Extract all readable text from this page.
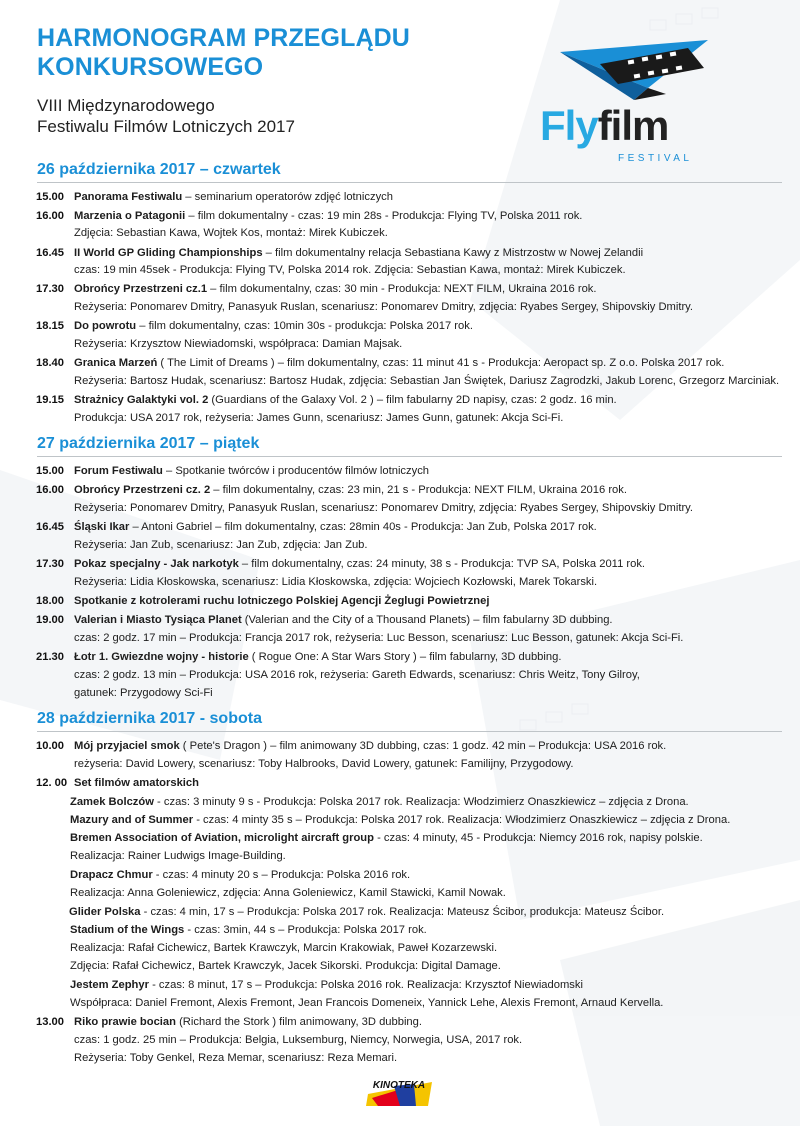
HARMONOGRAM PRZEGLĄDU
KONKURSOWEGO
VIII Międzynarodowego
Festiwalu Filmów Lotniczych 2017	Flyfilm
FESTIVAL
26 października 2017 – czwartek
15.00 Panorama Festiwalu – seminarium operatorów zdjęć lotniczych
16.00 Marzenia o Patagonii – film dokumentalny - czas: 19 min 28s - Produkcja: Flying TV, Polska 2011 rok.
Zdjęcia: Sebastian Kawa, Wojtek Kos, montaż: Mirek Kubiczek.
16.45 II World GP Gliding Championships – film dokumentalny relacja Sebastiana Kawy z Mistrzostw w Nowej Zelandii
czas: 19 min 45sek - Produkcja: Flying TV, Polska 2014 rok. Zdjęcia: Sebastian Kawa, montaż: Mirek Kubiczek.
17.30 Obrońcy Przestrzeni cz.1 – film dokumentalny, czas: 30 min - Produkcja: NEXT FILM, Ukraina 2016 rok.
Reżyseria: Ponomarev Dmitry, Panasyuk Ruslan, scenariusz: Ponomarev Dmitry, zdjęcia: Ryabes Sergey, Shipovskiy Dmitry.
18.15 Do powrotu – film dokumentalny, czas: 10min 30s - produkcja: Polska 2017 rok.
Reżyseria: Krzysztow Niewiadomski, współpraca: Damian Majsak.
18.40 Granica Marzeń ( The Limit of Dreams ) – film dokumentalny, czas: 11 minut 41 s - Produkcja: Aeropact sp. Z o.o. Polska 2017 rok.
Reżyseria: Bartosz Hudak, scenariusz: Bartosz Hudak, zdjęcia: Sebastian Jan Świętek, Dariusz Zagrodzki, Jakub Lorenc, Grzegorz Marciniak.
19.15 Strażnicy Galaktyki vol. 2 (Guardians of the Galaxy Vol. 2 ) – film fabularny 2D napisy, czas: 2 godz. 16 min.
Produkcja: USA 2017 rok, reżyseria: James Gunn, scenariusz: James Gunn, gatunek: Akcja Sci-Fi.
27 października 2017 – piątek
15.00 Forum Festiwalu – Spotkanie twórców i producentów filmów lotniczych
16.00 Obrońcy Przestrzeni cz. 2 – film dokumentalny, czas: 23 min, 21 s - Produkcja: NEXT FILM, Ukraina 2016 rok.
Reżyseria: Ponomarev Dmitry, Panasyuk Ruslan, scenariusz: Ponomarev Dmitry, zdjęcia: Ryabes Sergey, Shipovskiy Dmitry.
16.45 Śląski Ikar – Antoni Gabriel – film dokumentalny, czas: 28min 40s - Produkcja: Jan Zub, Polska 2017 rok.
Reżyseria: Jan Zub, scenariusz: Jan Zub, zdjęcia: Jan Zub.
17.30 Pokaz specjalny - Jak narkotyk – film dokumentalny, czas: 24 minuty, 38 s - Produkcja: TVP SA, Polska 2011 rok.
Reżyseria: Lidia Kłoskowska, scenariusz: Lidia Kłoskowska, zdjęcia: Wojciech Kozłowski, Marek Tokarski.
18.00 Spotkanie z kotrolerami ruchu lotniczego Polskiej Agencji Żeglugi Powietrznej
19.00 Valerian i Miasto Tysiąca Planet (Valerian and the City of a Thousand Planets) – film fabularny 3D dubbing.
czas: 2 godz. 17 min – Produkcja: Francja 2017 rok, reżyseria: Luc Besson, scenariusz: Luc Besson, gatunek: Akcja Sci-Fi.
21.30 Łotr 1. Gwiezdne wojny - historie ( Rogue One: A Star Wars Story ) – film fabularny, 3D dubbing.
czas: 2 godz. 13 min – Produkcja: USA 2016 rok, reżyseria: Gareth Edwards, scenariusz: Chris Weitz, Tony Gilroy,
gatunek: Przygodowy Sci-Fi
28 października 2017 - sobota
10.00 Mój przyjaciel smok ( Pete's Dragon ) – film animowany 3D dubbing, czas: 1 godz. 42 min – Produkcja: USA 2016 rok.
reżyseria: David Lowery, scenariusz: Toby Halbrooks, David Lowery, gatunek: Familijny, Przygodowy.
12. 00 Set filmów amatorskich
Zamek Bolczów - czas: 3 minuty 9 s - Produkcja: Polska 2017 rok. Realizacja: Włodzimierz Onaszkiewicz – zdjęcia z Drona.
Mazury and of Summer - czas: 4 minty 35 s – Produkcja: Polska 2017 rok. Realizacja: Włodzimierz Onaszkiewicz – zdjęcia z Drona.
Bremen Association of Aviation, microlight aircraft group - czas: 4 minuty, 45 - Produkcja: Niemcy 2016 rok, napisy polskie.
Realizacja: Rainer Ludwigs Image-Building.
Drapacz Chmur - czas: 4 minuty 20 s – Produkcja: Polska 2016 rok.
Realizacja: Anna Goleniewicz, zdjęcia: Anna Goleniewicz, Kamil Stawicki, Kamil Nowak.
Glider Polska - czas: 4 min, 17 s – Produkcja: Polska 2017 rok. Realizacja: Mateusz Ścibor, produkcja: Mateusz Ścibor.
Stadium of the Wings - czas: 3min, 44 s – Produkcja: Polska 2017 rok.
Realizacja: Rafał Cichewicz, Bartek Krawczyk, Marcin Krakowiak, Paweł Kozarzewski.
Zdjęcia: Rafał Cichewicz, Bartek Krawczyk, Jacek Sikorski. Produkcja: Digital Damage.
Jestem Zephyr - czas: 8 minut, 17 s – Produkcja: Polska 2016 rok. Realizacja: Krzysztof Niewiadomski
Współpraca: Daniel Fremont, Alexis Fremont, Jean Francois Domeneix, Yannick Lehe, Alexis Fremont, Arnaud Kervella.
13.00 Riko prawie bocian (Richard the Stork ) film animowany, 3D dubbing.
czas: 1 godz. 25 min – Produkcja: Belgia, Luksemburg, Niemcy, Norwegia, USA, 2017 rok.
Reżyseria: Toby Genkel, Reza Memar, scenariusz: Reza Memari.
KINOTEKA
